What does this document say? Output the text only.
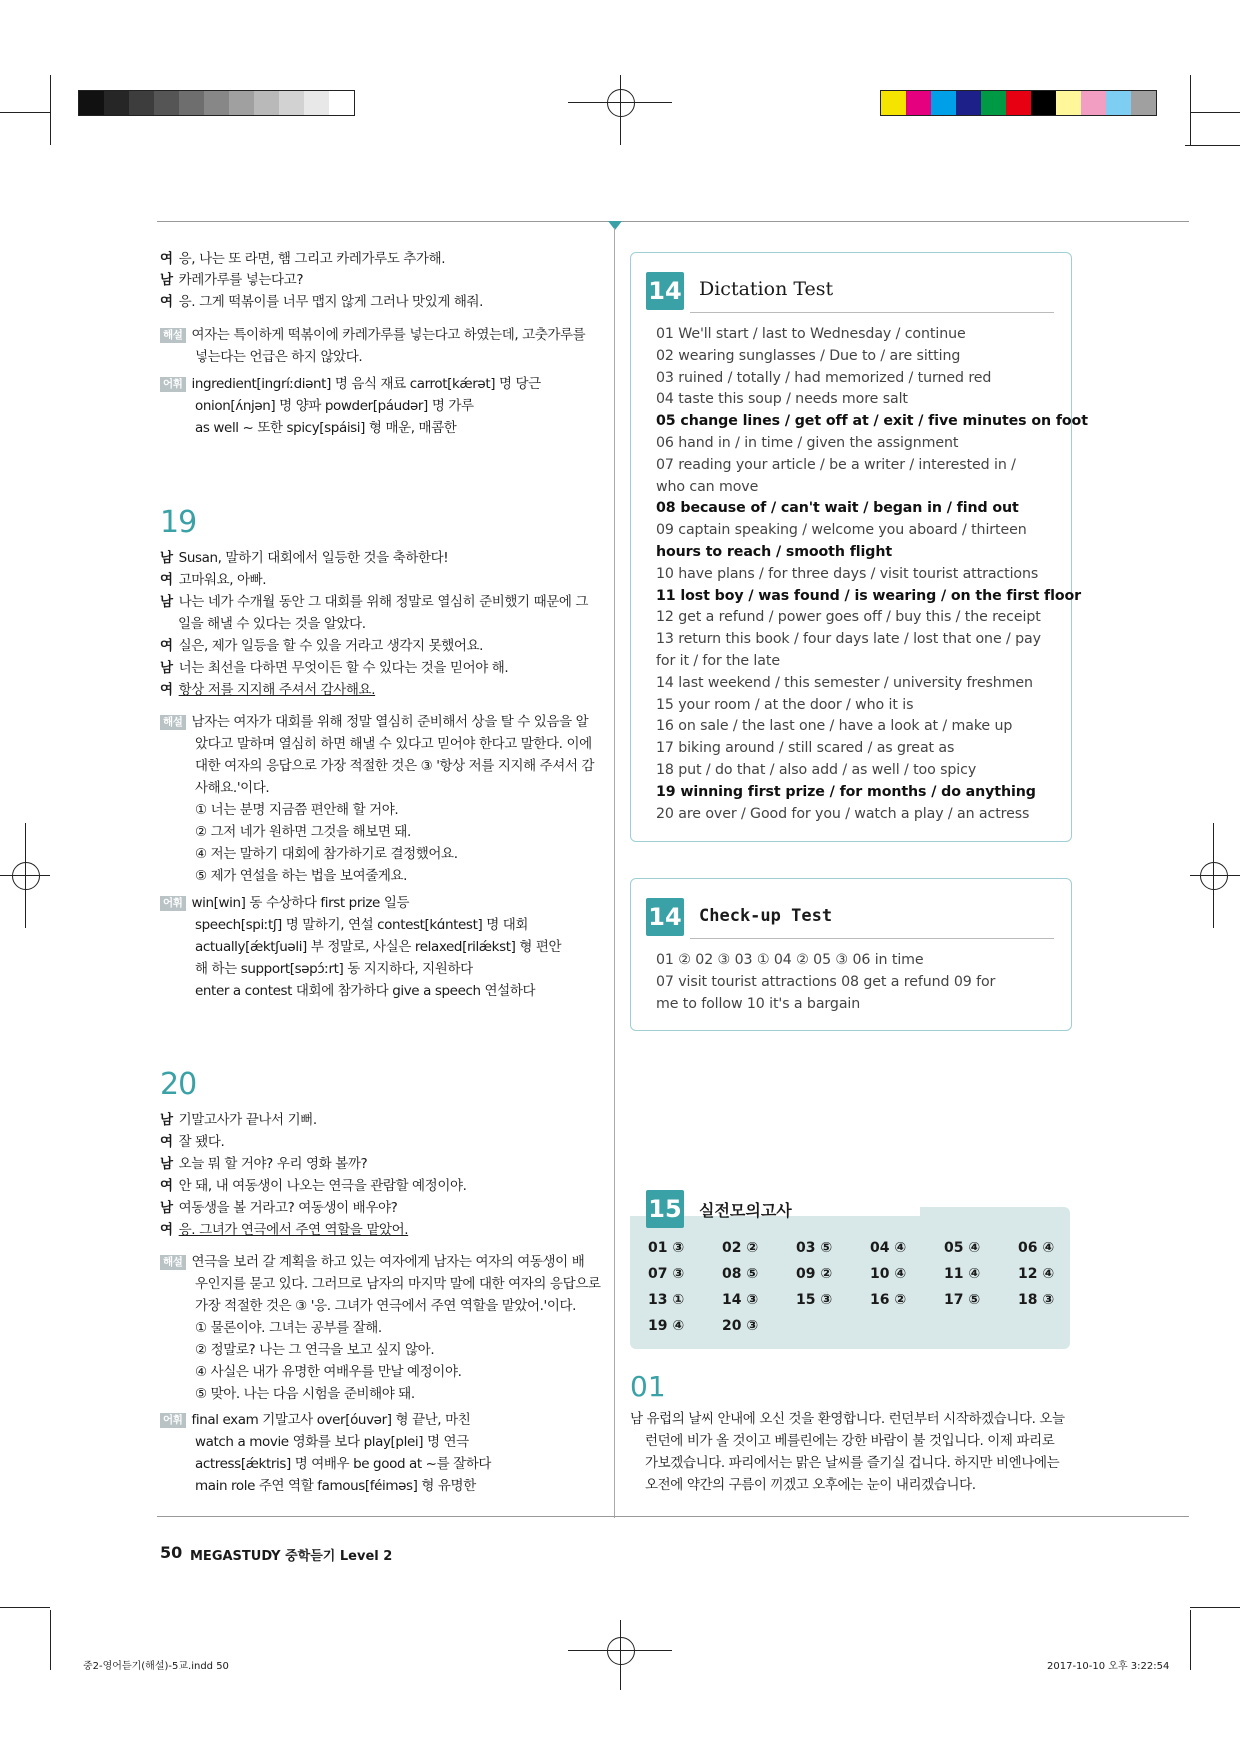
여 응, 나는 또 라면, 햄 그리고 카레가루도 추가해.
남 카레가루를 넣는다고?
여 응. 그게 떡볶이를 너무 맵지 않게 그러나 맛있게 해줘.
해설 여자는 특이하게 떡볶이에 카레가루를 넣는다고 하였는데, 고춧가루를
넣는다는 언급은 하지 않았다.
어휘 ingredient[ingríːdiənt] 명 음식 재료 carrot[kǽrət] 명 당근
onion[ʌ́njən] 명 양파 powder[páudər] 명 가루
as well ~ 또한 spicy[spáisi] 형 매운, 매콤한
19
남 Susan, 말하기 대회에서 일등한 것을 축하한다!
여 고마워요, 아빠.
남 나는 네가 수개월 동안 그 대회를 위해 정말로 열심히 준비했기 때문에 그
일을 해낼 수 있다는 것을 알았다.
여 실은, 제가 일등을 할 수 있을 거라고 생각지 못했어요.
남 너는 최선을 다하면 무엇이든 할 수 있다는 것을 믿어야 해.
여 항상 저를 지지해 주셔서 감사해요.
해설 남자는 여자가 대회를 위해 정말 열심히 준비해서 상을 탈 수 있음을 알
았다고 말하며 열심히 하면 해낼 수 있다고 믿어야 한다고 말한다. 이에
대한 여자의 응답으로 가장 적절한 것은 ③ '항상 저를 지지해 주셔서 감
사해요.'이다.
① 너는 분명 지금쯤 편안해 할 거야.
② 그저 네가 원하면 그것을 해보면 돼.
④ 저는 말하기 대회에 참가하기로 결정했어요.
⑤ 제가 연설을 하는 법을 보여줄게요.
어휘 win[win] 동 수상하다 first prize 일등
speech[spiːtʃ] 명 말하기, 연설 contest[kɑ́ntest] 명 대회
actually[ǽktʃuəli] 부 정말로, 사실은 relaxed[rilǽkst] 형 편안
해 하는 support[səpɔ́ːrt] 동 지지하다, 지원하다
enter a contest 대회에 참가하다 give a speech 연설하다
20
남 기말고사가 끝나서 기뻐.
여 잘 됐다.
남 오늘 뭐 할 거야? 우리 영화 볼까?
여 안 돼, 내 여동생이 나오는 연극을 관람할 예정이야.
남 여동생을 볼 거라고? 여동생이 배우야?
여 응. 그녀가 연극에서 주연 역할을 맡았어.
해설 연극을 보러 갈 계획을 하고 있는 여자에게 남자는 여자의 여동생이 배
우인지를 묻고 있다. 그러므로 남자의 마지막 말에 대한 여자의 응답으로
가장 적절한 것은 ③ '응. 그녀가 연극에서 주연 역할을 맡았어.'이다.
① 물론이야. 그녀는 공부를 잘해.
② 정말로? 나는 그 연극을 보고 싶지 않아.
④ 사실은 내가 유명한 여배우를 만날 예정이야.
⑤ 맞아. 나는 다음 시험을 준비해야 돼.
어휘 final exam 기말고사 over[óuvər] 형 끝난, 마친
watch a movie 영화를 보다 play[plei] 명 연극
actress[ǽktris] 명 여배우 be good at ~를 잘하다
main role 주연 역할 famous[féiməs] 형 유명한
14 Dictation Test
01 We'll start / last to Wednesday / continue
02 wearing sunglasses / Due to / are sitting
03 ruined / totally / had memorized / turned red
04 taste this soup / needs more salt
05 change lines / get off at / exit / five minutes on foot
06 hand in / in time / given the assignment
07 reading your article / be a writer / interested in /
who can move
08 because of / can't wait / began in / find out
09 captain speaking / welcome you aboard / thirteen
hours to reach / smooth flight
10 have plans / for three days / visit tourist attractions
11 lost boy / was found / is wearing / on the first floor
12 get a refund / power goes off / buy this / the receipt
13 return this book / four days late / lost that one / pay
for it / for the late
14 last weekend / this semester / university freshmen
15 your room / at the door / who it is
16 on sale / the last one / have a look at / make up
17 biking around / still scared / as great as
18 put / do that / also add / as well / too spicy
19 winning first prize / for months / do anything
20 are over / Good for you / watch a play / an actress
14 Check-up Test
01 ② 02 ③ 03 ① 04 ② 05 ③ 06 in time
07 visit tourist attractions 08 get a refund 09 for
me to follow 10 it's a bargain
15 실전모의고사
01 ③	02 ②	03 ⑤	04 ④	05 ④	06 ④
07 ③	08 ⑤	09 ②	10 ④	11 ④	12 ④
13 ①	14 ③	15 ③	16 ②	17 ⑤	18 ③
19 ④	20 ③
01
남 유럽의 날씨 안내에 오신 것을 환영합니다. 런던부터 시작하겠습니다. 오늘
런던에 비가 올 것이고 베를린에는 강한 바람이 불 것입니다. 이제 파리로
가보겠습니다. 파리에서는 맑은 날씨를 즐기실 겁니다. 하지만 비엔나에는
오전에 약간의 구름이 끼겠고 오후에는 눈이 내리겠습니다.
50 MEGASTUDY 중학듣기 Level 2
중2-영어듣기(해설)-5교.indd 50	2017-10-10 오후 3:22:54
